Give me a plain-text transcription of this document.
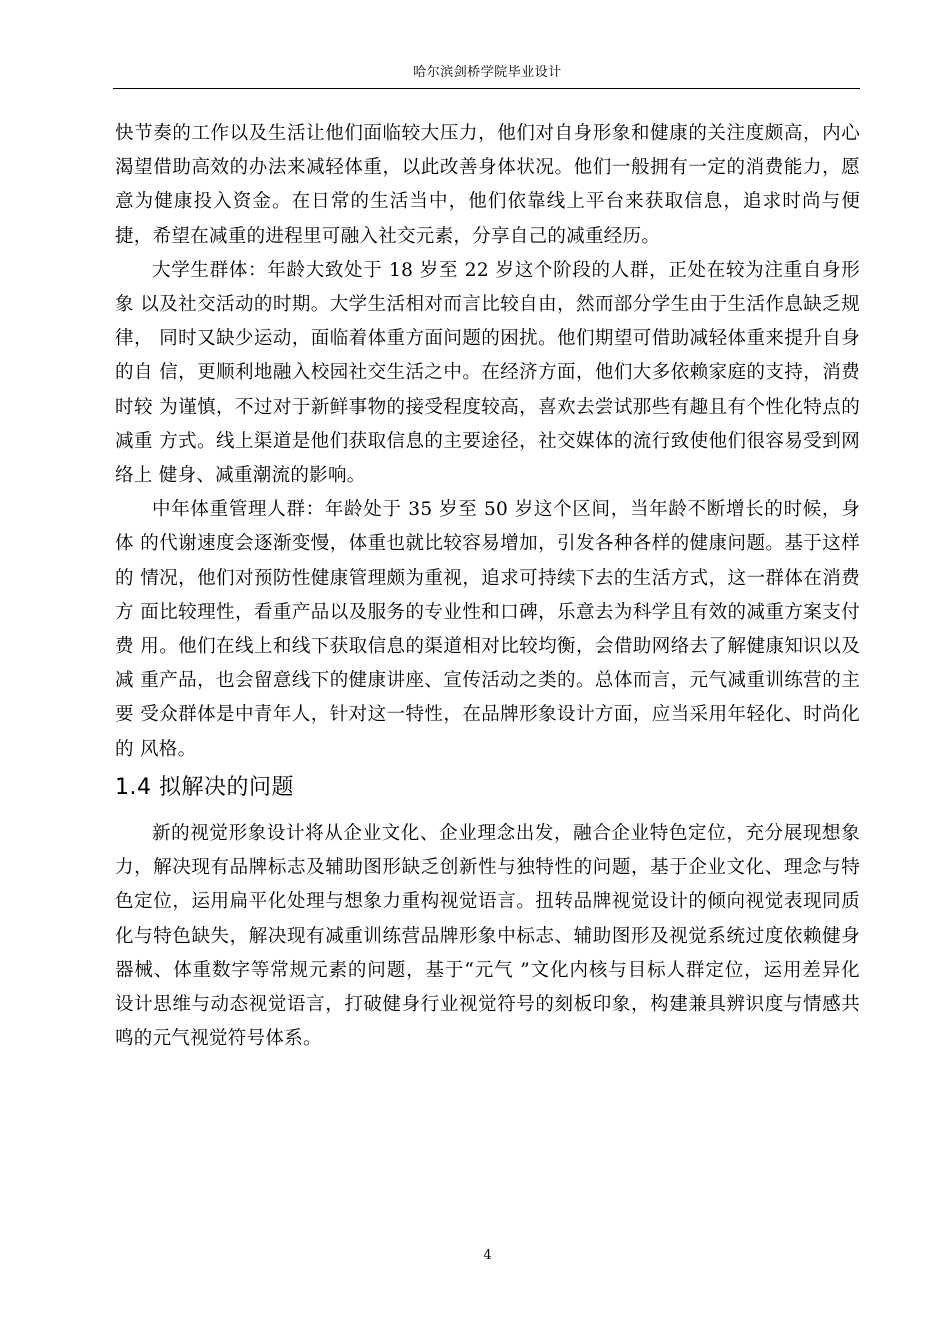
哈尔滨剑桥学院毕业设计

快节奏的工作以及生活让他们面临较大压力，他们对自身形象和健康的关注度颇高，内心渴望借助高效的办法来减轻体重，以此改善身体状况。他们一般拥有一定的消费能力，愿意为健康投入资金。在日常的生活当中，他们依靠线上平台来获取信息，追求时尚与便捷，希望在减重的进程里可融入社交元素，分享自己的减重经历。

大学生群体：年龄大致处于 18 岁至 22 岁这个阶段的人群，正处在较为注重自身形象 以及社交活动的时期。大学生活相对而言比较自由，然而部分学生由于生活作息缺乏规律， 同时又缺少运动，面临着体重方面问题的困扰。他们期望可借助减轻体重来提升自身的自 信，更顺利地融入校园社交生活之中。在经济方面，他们大多依赖家庭的支持，消费时较 为谨慎，不过对于新鲜事物的接受程度较高，喜欢去尝试那些有趣且有个性化特点的减重 方式。线上渠道是他们获取信息的主要途径，社交媒体的流行致使他们很容易受到网络上 健身、减重潮流的影响。

中年体重管理人群：年龄处于 35 岁至 50 岁这个区间，当年龄不断增长的时候，身体 的代谢速度会逐渐变慢，体重也就比较容易增加，引发各种各样的健康问题。基于这样的 情况，他们对预防性健康管理颇为重视，追求可持续下去的生活方式，这一群体在消费方 面比较理性，看重产品以及服务的专业性和口碑，乐意去为科学且有效的减重方案支付费 用。他们在线上和线下获取信息的渠道相对比较均衡，会借助网络去了解健康知识以及减 重产品，也会留意线下的健康讲座、宣传活动之类的。总体而言，元气减重训练营的主要 受众群体是中青年人，针对这一特性，在品牌形象设计方面，应当采用年轻化、时尚化的 风格。

1.4 拟解决的问题

新的视觉形象设计将从企业文化、企业理念出发，融合企业特色定位，充分展现想象力，解决现有品牌标志及辅助图形缺乏创新性与独特性的问题，基于企业文化、理念与特色定位，运用扁平化处理与想象力重构视觉语言。扭转品牌视觉设计的倾向视觉表现同质化与特色缺失，解决现有减重训练营品牌形象中标志、辅助图形及视觉系统过度依赖健身器械、体重数字等常规元素的问题，基于“元气 ”文化内核与目标人群定位，运用差异化 设计思维与动态视觉语言，打破健身行业视觉符号的刻板印象，构建兼具辨识度与情感共 鸣的元气视觉符号体系。

4
